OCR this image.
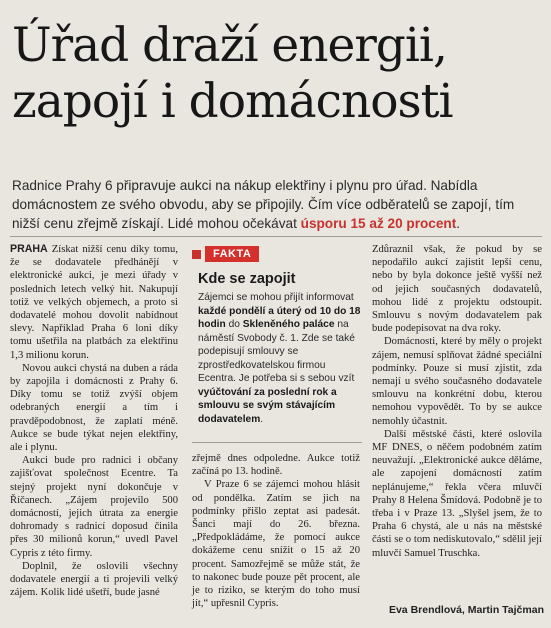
Úřad draží energii,
zapojí i domácnosti
Radnice Prahy 6 připravuje aukci na nákup elektřiny i plynu pro úřad. Nabídla domácnostem ze svého obvodu, aby se připojily. Čím více odběratelů se zapojí, tím nižší cenu zřejmě získají. Lidé mohou očekávat úsporu 15 až 20 procent.

PRAHA Získat nižší cenu díky tomu, že se dodavatele předhánějí v elektronické aukci, je mezi úřady v posledních letech velký hit. Nakupují totiž ve velkých objemech, a proto si dodavatelé mohou dovolit nabídnout slevy. Například Praha 6 loni díky tomu ušetřila na platbách za elektřinu 1,3 milionu korun.

Novou aukci chystá na duben a ráda by zapojila i domácnosti z Prahy 6. Díky tomu se totiž zvýší objem odebraných energií a tím i pravděpodobnost, že zaplatí méně. Aukce se bude týkat nejen elektřiny, ale i plynu.

Aukci bude pro radnici i občany zajišťovat společnost Ecentre. Ta stejný projekt nyní dokončuje v Říčanech. „Zájem projevilo 500 domácností, jejich útrata za energie dohromady s radnicí doposud činila přes 30 milionů korun,“ uvedl Pavel Cypris z této firmy.

Doplnil, že oslovili všechny dodavatele energií a ti projevili velký zájem. Kolik lidé ušetří, bude jasné

FAKTA
Kde se zapojit
Zájemci se mohou přijít informovat každé pondělí a úterý od 10 do 18 hodin do Skleněného paláce na náměstí Svobody č. 1. Zde se také podepisují smlouvy se zprostředkovatelskou firmou Ecentra. Je potřeba si s sebou vzít vyúčtování za poslední rok a smlouvu se svým stávajícím dodavatelem.

zřejmě dnes odpoledne. Aukce totiž začíná po 13. hodině.

V Praze 6 se zájemci mohou hlásit od pondělka. Zatím se jich na podmínky přišlo zeptat asi padesát. Šanci mají do 26. března. „Předpokládáme, že pomocí aukce dokážeme cenu snížit o 15 až 20 procent. Samozřejmě se může stát, že to nakonec bude pouze pět procent, ale je to riziko, se kterým do toho musí jít,“ upřesnil Cypris.

Zdůraznil však, že pokud by se nepodařilo aukcí zajistit lepší cenu, nebo by byla dokonce ještě vyšší než od jejich současných dodavatelů, mohou lidé z projektu odstoupit. Smlouvu s novým dodavatelem pak bude podepisovat na dva roky.

Domácnosti, které by měly o projekt zájem, nemusí splňovat žádné speciální podmínky. Pouze si musí zjistit, zda nemají u svého současného dodavatele smlouvu na konkrétní dobu, kterou nemohou vypovědět. To by se aukce nemohly účastnit.

Další městské části, které oslovila MF DNES, o něčem podobném zatím neuvažují. „Elektronické aukce děláme, ale zapojení domácností zatím neplánujeme,“ řekla včera mluvčí Prahy 8 Helena Šmídová. Podobně je to třeba i v Praze 13. „Slyšel jsem, že to Praha 6 chystá, ale u nás na městské části se o tom nediskutovalo,“ sdělil její mluvčí Samuel Truschka.

Eva Brendlová, Martin Tajčman
